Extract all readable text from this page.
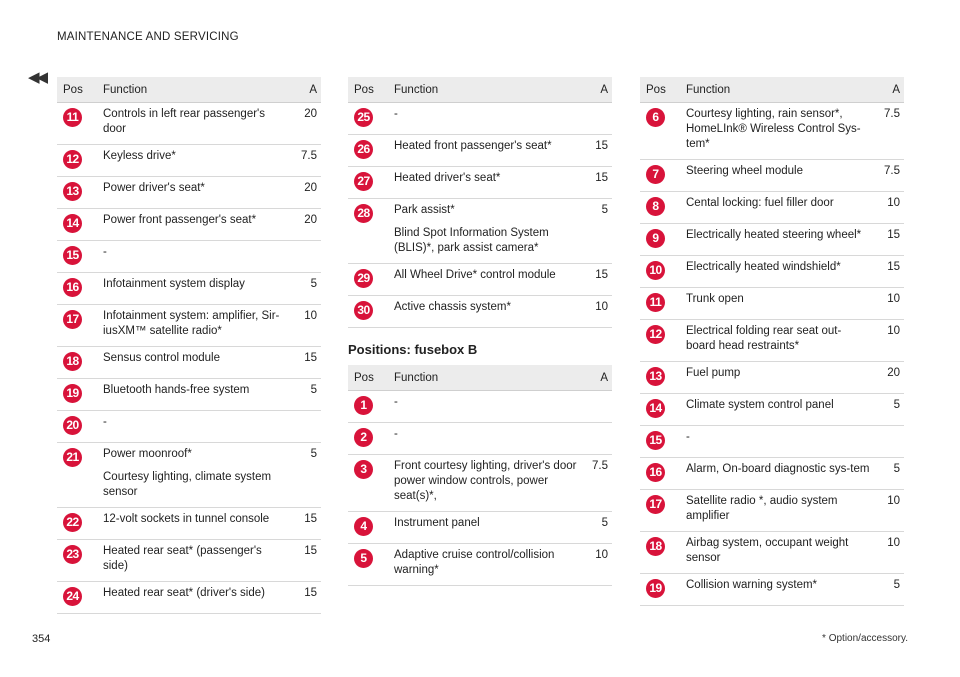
MAINTENANCE AND SERVICING
◀◀
Pos	Function	A
11	Controls in left rear passenger's door	20
12	Keyless drive*	7.5
13	Power driver's seat*	20
14	Power front passenger's seat*	20
15	-	

16	Infotainment system display	5
17	Infotainment system: amplifier, Sir-iusXM™ satellite radio*	10
18	Sensus control module	15
19	Bluetooth hands-free system	5
20	-	

21	Power moonroof*
Courtesy lighting, climate system sensor	5
22	12-volt sockets in tunnel console	15
23	Heated rear seat* (passenger's side)	15
24	Heated rear seat* (driver's side)	15
Pos	Function	A
25	-	

26	Heated front passenger's seat*	15
27	Heated driver's seat*	15
28	Park assist*
Blind Spot Information System (BLIS)*, park assist camera*	5
29	All Wheel Drive* control module	15
30	Active chassis system*	10
Positions: fusebox B
Pos	Function	A
1	-	

2	-	

3	Front courtesy lighting, driver's door power window controls, power seat(s)*,	7.5
4	Instrument panel	5
5	Adaptive cruise control/collision warning*	10
Pos	Function	A
6	Courtesy lighting, rain sensor*, HomeLInk® Wireless Control Sys-tem*	7.5
7	Steering wheel module	7.5
8	Cental locking: fuel filler door	10
9	Electrically heated steering wheel*	15
10	Electrically heated windshield*	15
11	Trunk open	10
12	Electrical folding rear seat out-board head restraints*	10
13	Fuel pump	20
14	Climate system control panel	5
15	-	

16	Alarm, On-board diagnostic sys-tem	5
17	Satellite radio *, audio system amplifier	10
18	Airbag system, occupant weight sensor	10
19	Collision warning system*	5
354	* Option/accessory.
